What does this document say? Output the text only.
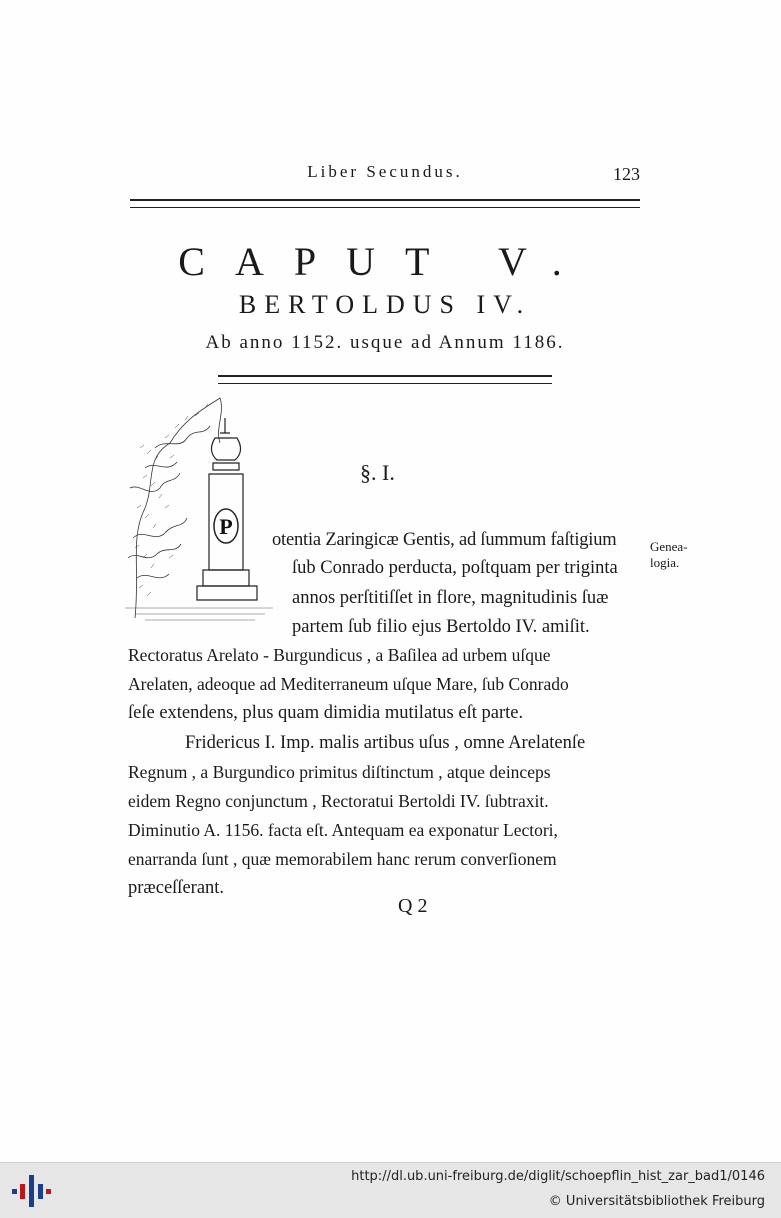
Liber Secundus.	123
CAPUT V.
BERTOLDUS IV.
Ab anno 1152. usque ad Annum 1186.
§. I.
P
Genea-
logia.
otentia Zaringicæ Gentis, ad ſummum faſtigium
ſub Conrado perducta, poſtquam per triginta
annos perſtitiſſet in flore, magnitudinis ſuæ
partem ſub filio ejus Bertoldo IV. amiſit.
Rectoratus Arelato - Burgundicus , a Baſilea ad urbem uſque
Arelaten, adeoque ad Mediterraneum uſque Mare, ſub Conrado
ſeſe extendens, plus quam dimidia mutilatus eſt parte.
Fridericus I. Imp. malis artibus uſus , omne Arelatenſe
Regnum , a Burgundico primitus diſtinctum , atque deinceps
eidem Regno conjunctum , Rectoratui Bertoldi IV. ſubtraxit.
Diminutio A. 1156. facta eſt. Antequam ea exponatur Lectori,
enarranda ſunt , quæ memorabilem hanc rerum converſionem
præceſſerant.
Q 2
http://dl.ub.uni-freiburg.de/diglit/schoepflin_hist_zar_bad1/0146
© Universitätsbibliothek Freiburg
